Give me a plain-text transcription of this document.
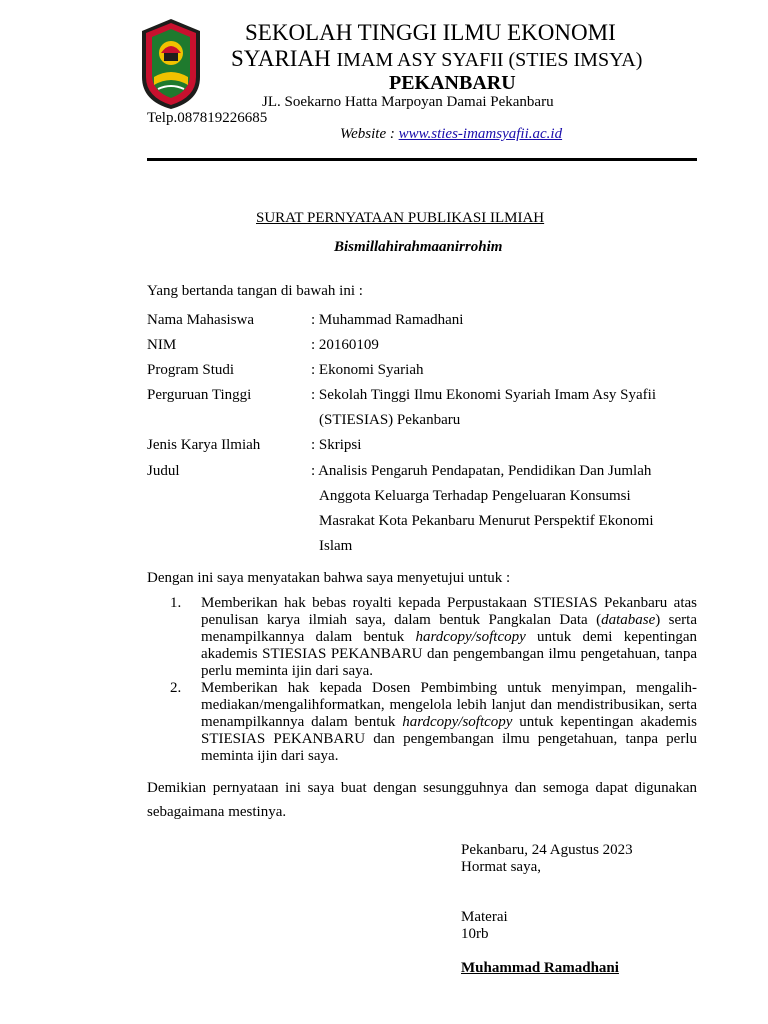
SEKOLAH TINGGI ILMU EKONOMI
SYARIAH IMAM ASY SYAFII (STIES IMSYA)
PEKANBARU
JL. Soekarno Hatta Marpoyan Damai Pekanbaru
Telp.087819226685
Website : www.sties-imamsyafii.ac.id
SURAT PERNYATAAN PUBLIKASI ILMIAH
Bismillahirahmaanirrohim
Yang bertanda tangan di bawah ini :
Nama Mahasiswa	: Muhammad Ramadhani
NIM	: 20160109
Program Studi	: Ekonomi Syariah
Perguruan Tinggi	: Sekolah Tinggi Ilmu Ekonomi Syariah Imam Asy Syafii
(STIESIAS) Pekanbaru
Jenis Karya Ilmiah	: Skripsi
Judul	: Analisis Pengaruh Pendapatan, Pendidikan Dan Jumlah
Anggota Keluarga Terhadap Pengeluaran Konsumsi
Masrakat Kota Pekanbaru Menurut Perspektif Ekonomi
Islam
Dengan ini saya menyatakan bahwa saya menyetujui untuk :
1. Memberikan hak bebas royalti kepada Perpustakaan STIESIAS Pekanbaru atas penulisan karya ilmiah saya, dalam bentuk Pangkalan Data (database) serta menampilkannya dalam bentuk hardcopy/softcopy untuk demi kepentingan akademis STIESIAS PEKANBARU dan pengembangan ilmu pengetahuan, tanpa perlu meminta ijin dari saya.
2. Memberikan hak kepada Dosen Pembimbing untuk menyimpan, mengalih-mediakan/mengalihformatkan, mengelola lebih lanjut dan mendistribusikan, serta menampilkannya dalam bentuk hardcopy/softcopy untuk kepentingan akademis STIESIAS PEKANBARU dan pengembangan ilmu pengetahuan, tanpa perlu meminta ijin dari saya.
Demikian pernyataan ini saya buat dengan sesungguhnya dan semoga dapat digunakan sebagaimana mestinya.
Pekanbaru, 24 Agustus 2023
Hormat saya,
Materai
10rb
Muhammad Ramadhani
